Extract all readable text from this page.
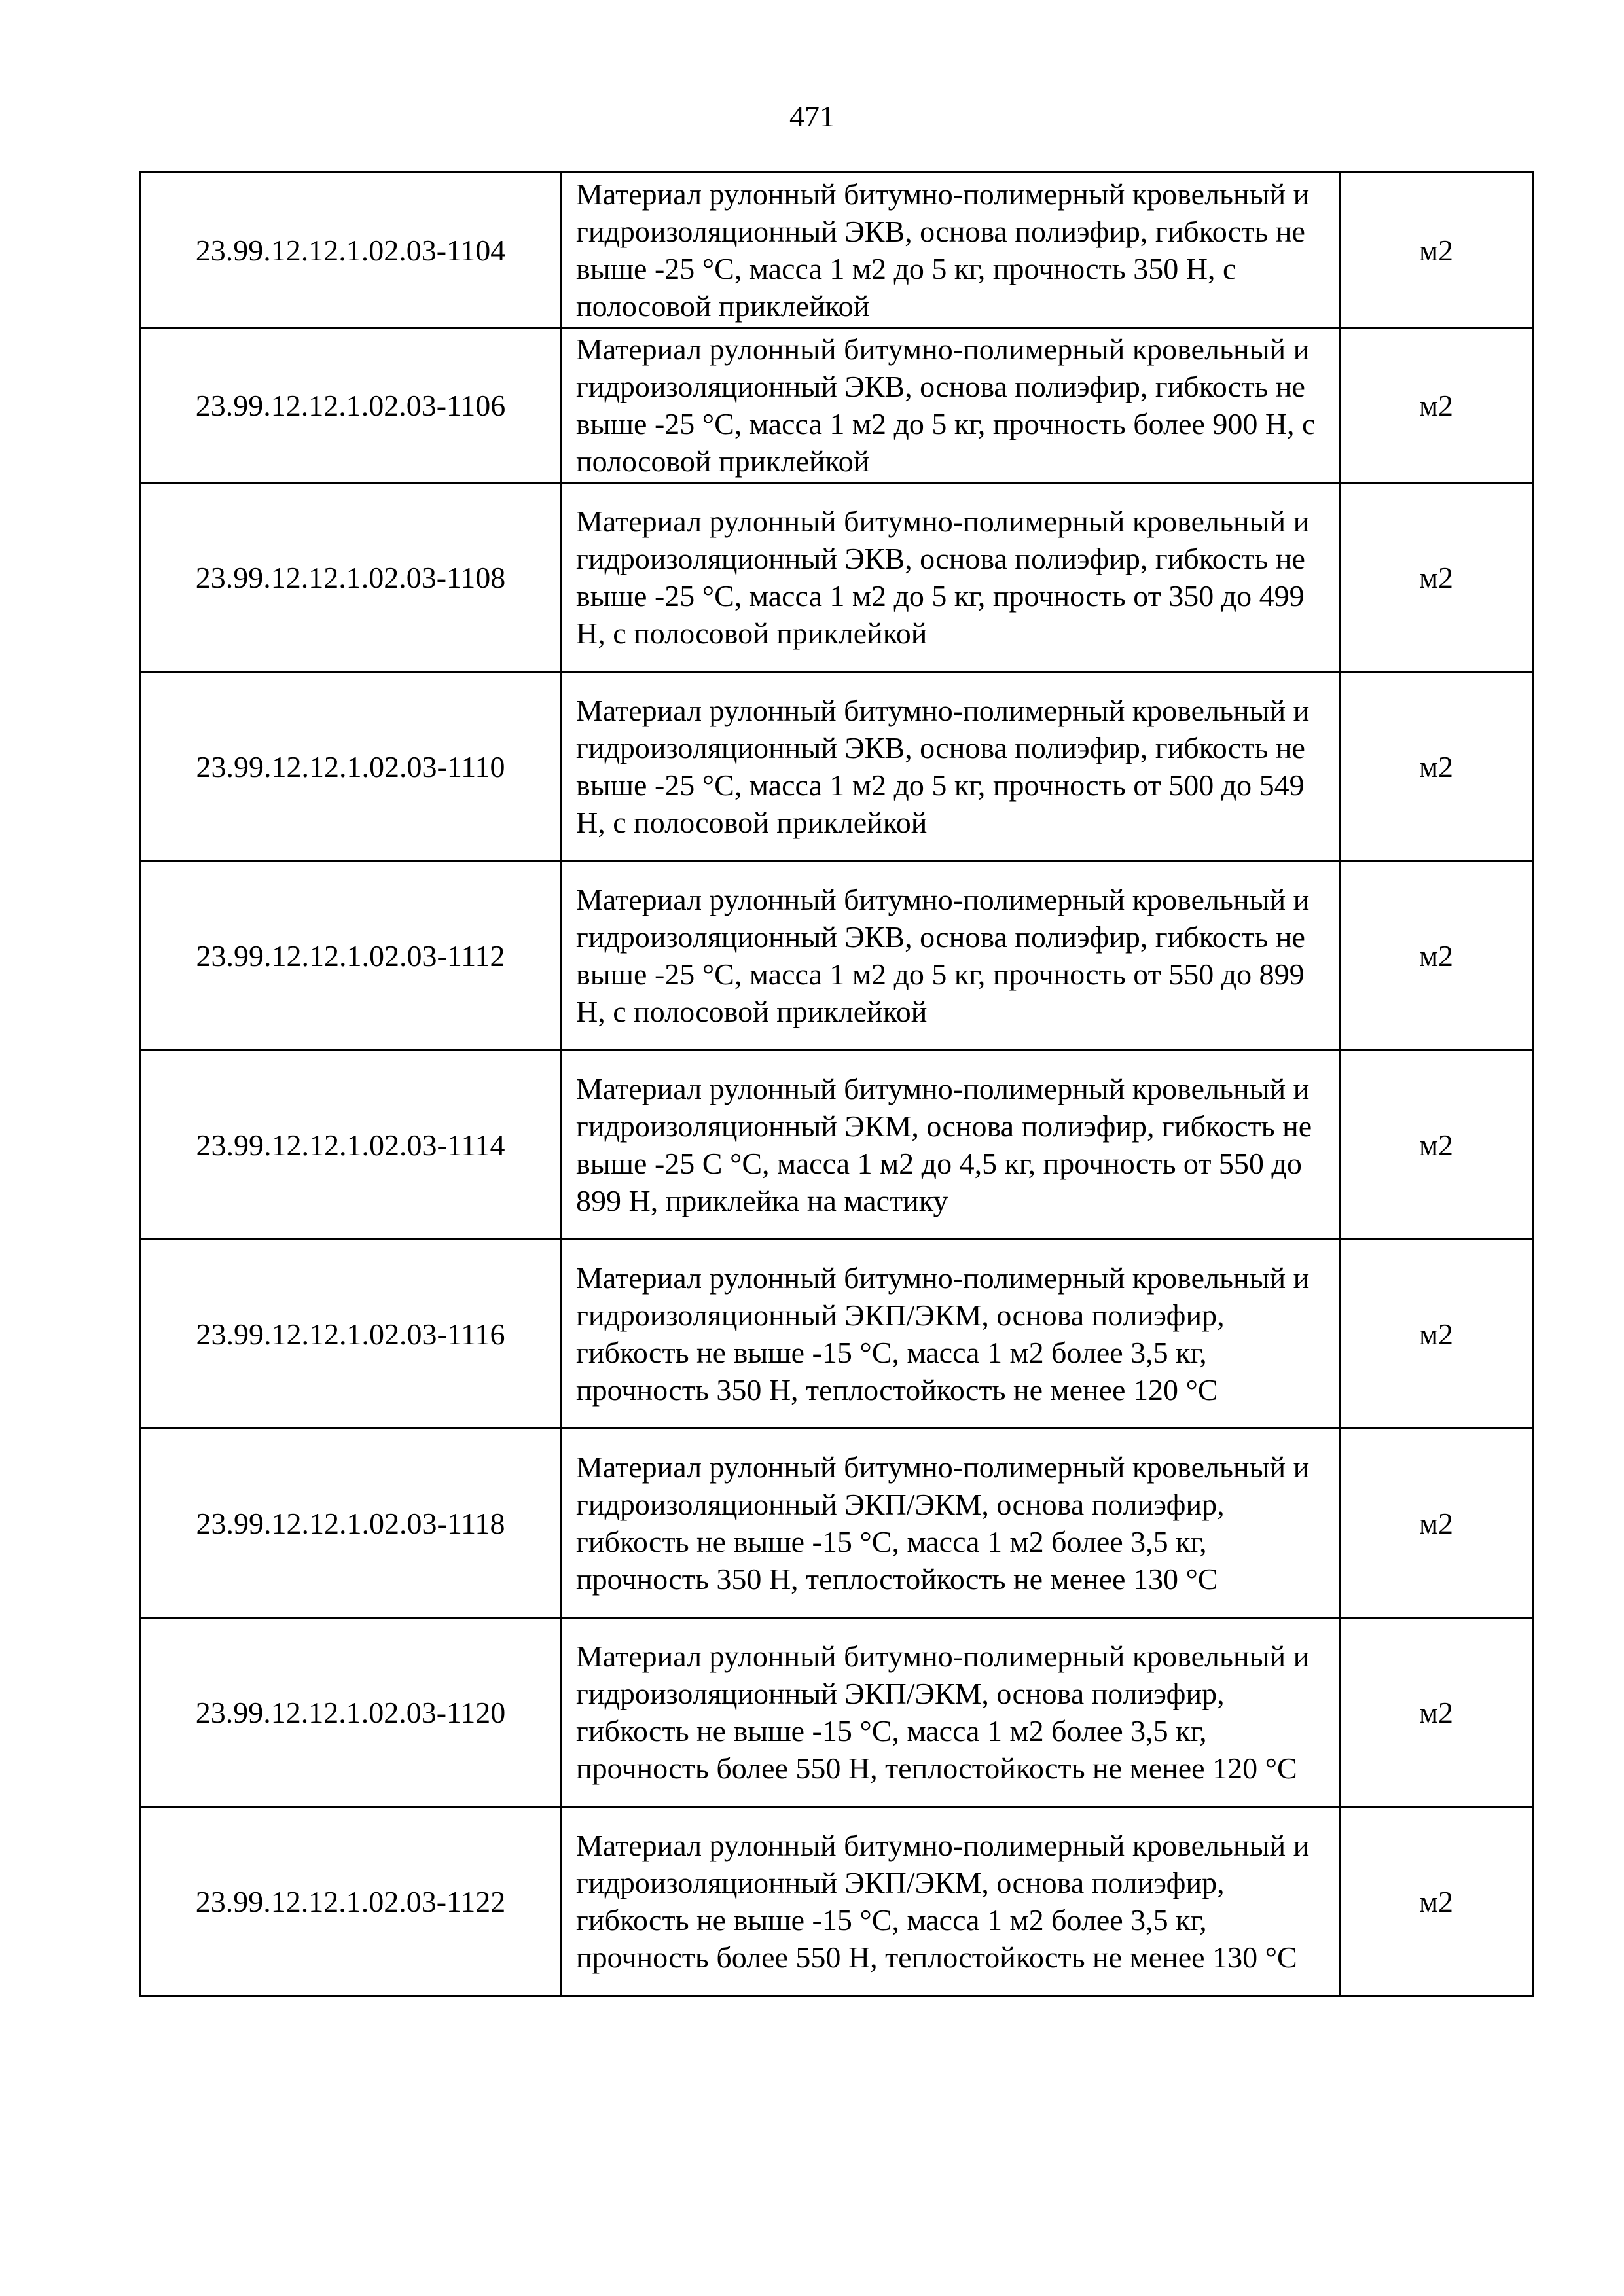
471
23.99.12.12.1.02.03-1104	Материал рулонный битумно-полимерный кровельный и гидроизоляционный ЭКВ, основа полиэфир, гибкость не выше -25 °С, масса 1 м2 до 5 кг, прочность 350 Н, с полосовой приклейкой	м2
23.99.12.12.1.02.03-1106	Материал рулонный битумно-полимерный кровельный и гидроизоляционный ЭКВ, основа полиэфир, гибкость не выше -25 °С, масса 1 м2 до 5 кг, прочность более 900 Н, с полосовой приклейкой	м2
23.99.12.12.1.02.03-1108	Материал рулонный битумно-полимерный кровельный и гидроизоляционный ЭКВ, основа полиэфир, гибкость не выше -25 °С, масса 1 м2 до 5 кг, прочность от 350 до 499 Н, с полосовой приклейкой	м2
23.99.12.12.1.02.03-1110	Материал рулонный битумно-полимерный кровельный и гидроизоляционный ЭКВ, основа полиэфир, гибкость не выше -25 °С, масса 1 м2 до 5 кг, прочность от 500 до 549 Н, с полосовой приклейкой	м2
23.99.12.12.1.02.03-1112	Материал рулонный битумно-полимерный кровельный и гидроизоляционный ЭКВ, основа полиэфир, гибкость не выше -25 °С, масса 1 м2 до 5 кг, прочность от 550 до 899 Н, с полосовой приклейкой	м2
23.99.12.12.1.02.03-1114	Материал рулонный битумно-полимерный кровельный и гидроизоляционный ЭКМ, основа полиэфир, гибкость не выше -25 С °С, масса 1 м2 до 4,5 кг, прочность от 550 до 899 Н, приклейка на мастику	м2
23.99.12.12.1.02.03-1116	Материал рулонный битумно-полимерный кровельный и гидроизоляционный ЭКП/ЭКМ, основа полиэфир, гибкость не выше -15 °С, масса 1 м2 более 3,5 кг, прочность 350 Н, теплостойкость не менее 120 °С	м2
23.99.12.12.1.02.03-1118	Материал рулонный битумно-полимерный кровельный и гидроизоляционный ЭКП/ЭКМ, основа полиэфир, гибкость не выше -15 °С, масса 1 м2 более 3,5 кг, прочность 350 Н, теплостойкость не менее 130 °С	м2
23.99.12.12.1.02.03-1120	Материал рулонный битумно-полимерный кровельный и гидроизоляционный ЭКП/ЭКМ, основа полиэфир, гибкость не выше -15 °С, масса 1 м2 более 3,5 кг, прочность более 550 Н, теплостойкость не менее 120 °С	м2
23.99.12.12.1.02.03-1122	Материал рулонный битумно-полимерный кровельный и гидроизоляционный ЭКП/ЭКМ, основа полиэфир, гибкость не выше -15 °С, масса 1 м2 более 3,5 кг, прочность более 550 Н, теплостойкость не менее 130 °С	м2
